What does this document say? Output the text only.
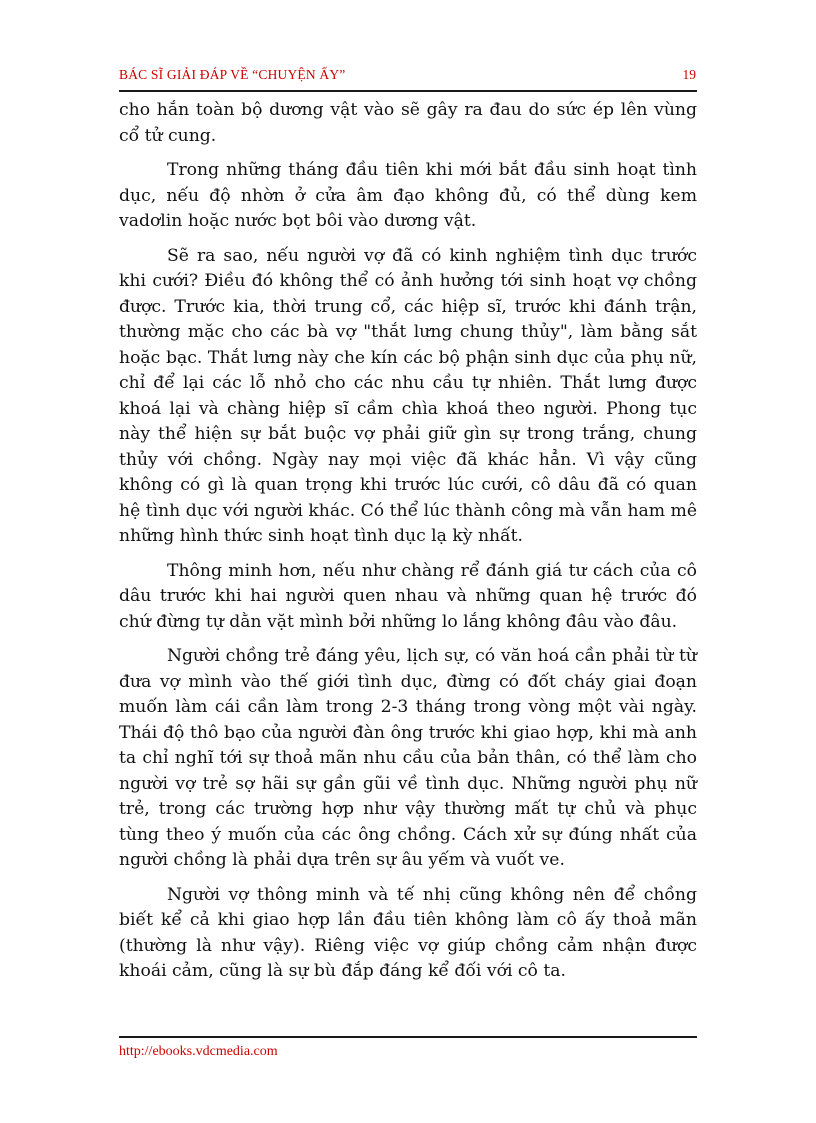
BÁC SĨ GIẢI ĐÁP VỀ “CHUYỆN ẤY”	19

cho hắn toàn bộ dương vật vào sẽ gây ra đau do sức ép lên vùng cổ tử cung.

Trong những tháng đầu tiên khi mới bắt đầu sinh hoạt tình dục, nếu độ nhờn ở cửa âm đạo không đủ, có thể dùng kem vadơlin hoặc nước bọt bôi vào dương vật.

Sẽ ra sao, nếu người vợ đã có kinh nghiệm tình dục trước khi cưới? Điều đó không thể có ảnh hưởng tới sinh hoạt vợ chồng được. Trước kia, thời trung cổ, các hiệp sĩ, trước khi đánh trận, thường mặc cho các bà vợ "thắt lưng chung thủy", làm bằng sắt hoặc bạc. Thắt lưng này che kín các bộ phận sinh dục của phụ nữ, chỉ để lại các lỗ nhỏ cho các nhu cầu tự nhiên. Thắt lưng được khoá lại và chàng hiệp sĩ cầm chìa khoá theo người. Phong tục này thể hiện sự bắt buộc vợ phải giữ gìn sự trong trắng, chung thủy với chồng. Ngày nay mọi việc đã khác hẳn. Vì vậy cũng không có gì là quan trọng khi trước lúc cưới, cô dâu đã có quan hệ tình dục với người khác. Có thể lúc thành công mà vẫn ham mê những hình thức sinh hoạt tình dục lạ kỳ nhất.

Thông minh hơn, nếu như chàng rể đánh giá tư cách của cô dâu trước khi hai người quen nhau và những quan hệ trước đó chứ đừng tự dằn vặt mình bởi những lo lắng không đâu vào đâu.

Người chồng trẻ đáng yêu, lịch sự, có văn hoá cần phải từ từ đưa vợ mình vào thế giới tình dục, đừng có đốt cháy giai đoạn muốn làm cái cần làm trong 2-3 tháng trong vòng một vài ngày. Thái độ thô bạo của người đàn ông trước khi giao hợp, khi mà anh ta chỉ nghĩ tới sự thoả mãn nhu cầu của bản thân, có thể làm cho người vợ trẻ sợ hãi sự gần gũi về tình dục. Những người phụ nữ trẻ, trong các trường hợp như vậy thường mất tự chủ và phục tùng theo ý muốn của các ông chồng. Cách xử sự đúng nhất của người chồng là phải dựa trên sự âu yếm và vuốt ve.

Người vợ thông minh và tế nhị cũng không nên để chồng biết kể cả khi giao hợp lần đầu tiên không làm cô ấy thoả mãn (thường là như vậy). Riêng việc vợ giúp chồng cảm nhận được khoái cảm, cũng là sự bù đắp đáng kể đối với cô ta.

http://ebooks.vdcmedia.com
